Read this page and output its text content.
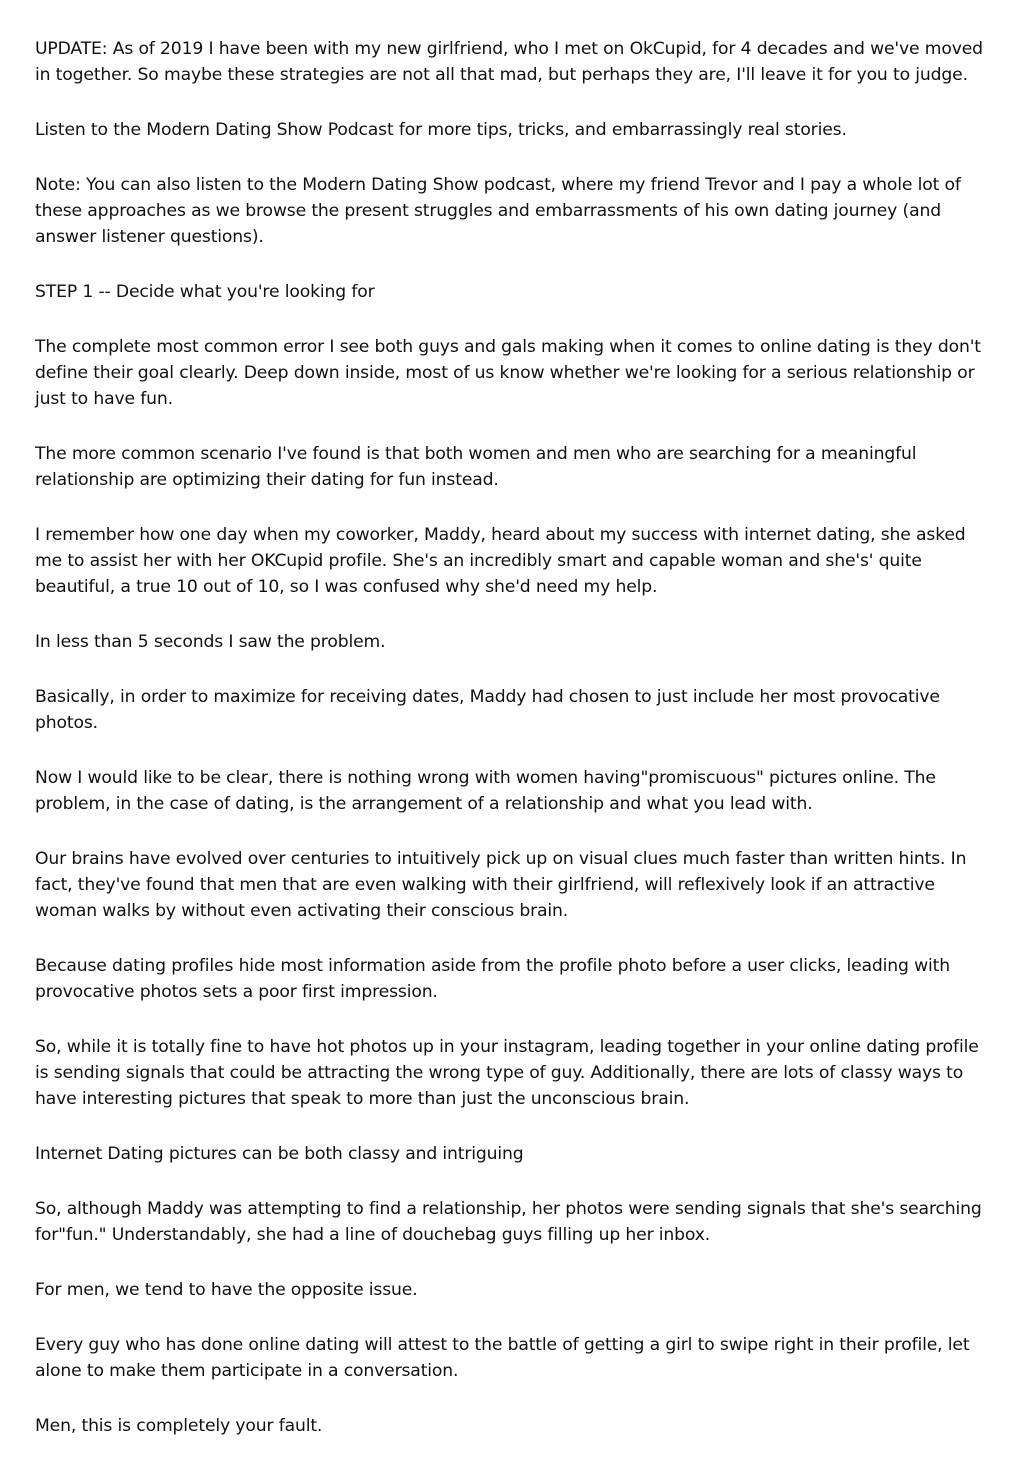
UPDATE: As of 2019 I have been with my new girlfriend, who I met on OkCupid, for 4 decades and we've moved in together. So maybe these strategies are not all that mad, but perhaps they are, I'll leave it for you to judge.

Listen to the Modern Dating Show Podcast for more tips, tricks, and embarrassingly real stories.

Note: You can also listen to the Modern Dating Show podcast, where my friend Trevor and I pay a whole lot of these approaches as we browse the present struggles and embarrassments of his own dating journey (and answer listener questions).

STEP 1 -- Decide what you're looking for

The complete most common error I see both guys and gals making when it comes to online dating is they don't define their goal clearly. Deep down inside, most of us know whether we're looking for a serious relationship or just to have fun.

The more common scenario I've found is that both women and men who are searching for a meaningful relationship are optimizing their dating for fun instead.

I remember how one day when my coworker, Maddy, heard about my success with internet dating, she asked me to assist her with her OKCupid profile. She's an incredibly smart and capable woman and she's' quite beautiful, a true 10 out of 10, so I was confused why she'd need my help.

In less than 5 seconds I saw the problem.

Basically, in order to maximize for receiving dates, Maddy had chosen to just include her most provocative photos.

Now I would like to be clear, there is nothing wrong with women having"promiscuous" pictures online. The problem, in the case of dating, is the arrangement of a relationship and what you lead with.

Our brains have evolved over centuries to intuitively pick up on visual clues much faster than written hints. In fact, they've found that men that are even walking with their girlfriend, will reflexively look if an attractive woman walks by without even activating their conscious brain.

Because dating profiles hide most information aside from the profile photo before a user clicks, leading with provocative photos sets a poor first impression.

So, while it is totally fine to have hot photos up in your instagram, leading together in your online dating profile is sending signals that could be attracting the wrong type of guy. Additionally, there are lots of classy ways to have interesting pictures that speak to more than just the unconscious brain.

Internet Dating pictures can be both classy and intriguing

So, although Maddy was attempting to find a relationship, her photos were sending signals that she's searching for"fun." Understandably, she had a line of douchebag guys filling up her inbox.

For men, we tend to have the opposite issue.

Every guy who has done online dating will attest to the battle of getting a girl to swipe right in their profile, let alone to make them participate in a conversation.

Men, this is completely your fault.
